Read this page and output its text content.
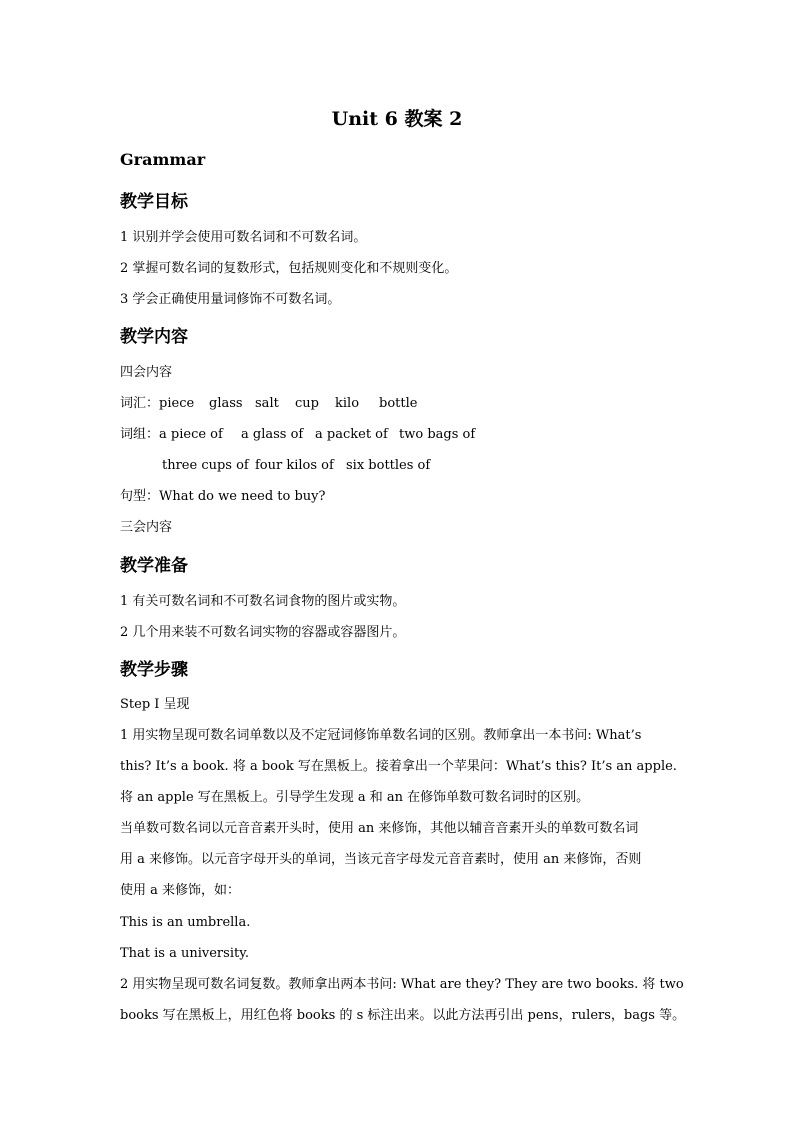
Unit 6 教案 2
Grammar
教学目标
1 识别并学会使用可数名词和不可数名词。
2 掌握可数名词的复数形式，包括规则变化和不规则变化。
3 学会正确使用量词修饰不可数名词。
教学内容
四会内容
词汇：piece glass salt cup kilo bottle
词组：a piece of a glass of a packet of two bags of
three cups of four kilos of six bottles of
句型：What do we need to buy?
三会内容
教学准备
1 有关可数名词和不可数名词食物的图片或实物。
2 几个用来装不可数名词实物的容器或容器图片。
教学步骤
Step I 呈现
1 用实物呈现可数名词单数以及不定冠词修饰单数名词的区别。教师拿出一本书问: What’s
this? It’s a book. 将 a book 写在黑板上。接着拿出一个苹果问：What’s this? It’s an apple.
将 an apple 写在黑板上。引导学生发现 a 和 an 在修饰单数可数名词时的区别。
当单数可数名词以元音音素开头时，使用 an 来修饰，其他以辅音音素开头的单数可数名词
用 a 来修饰。以元音字母开头的单词，当该元音字母发元音音素时，使用 an 来修饰，否则
使用 a 来修饰，如：
This is an umbrella.
That is a university.
2 用实物呈现可数名词复数。教师拿出两本书问: What are they? They are two books. 将 two
books 写在黑板上，用红色将 books 的 s 标注出来。以此方法再引出 pens，rulers，bags 等。
